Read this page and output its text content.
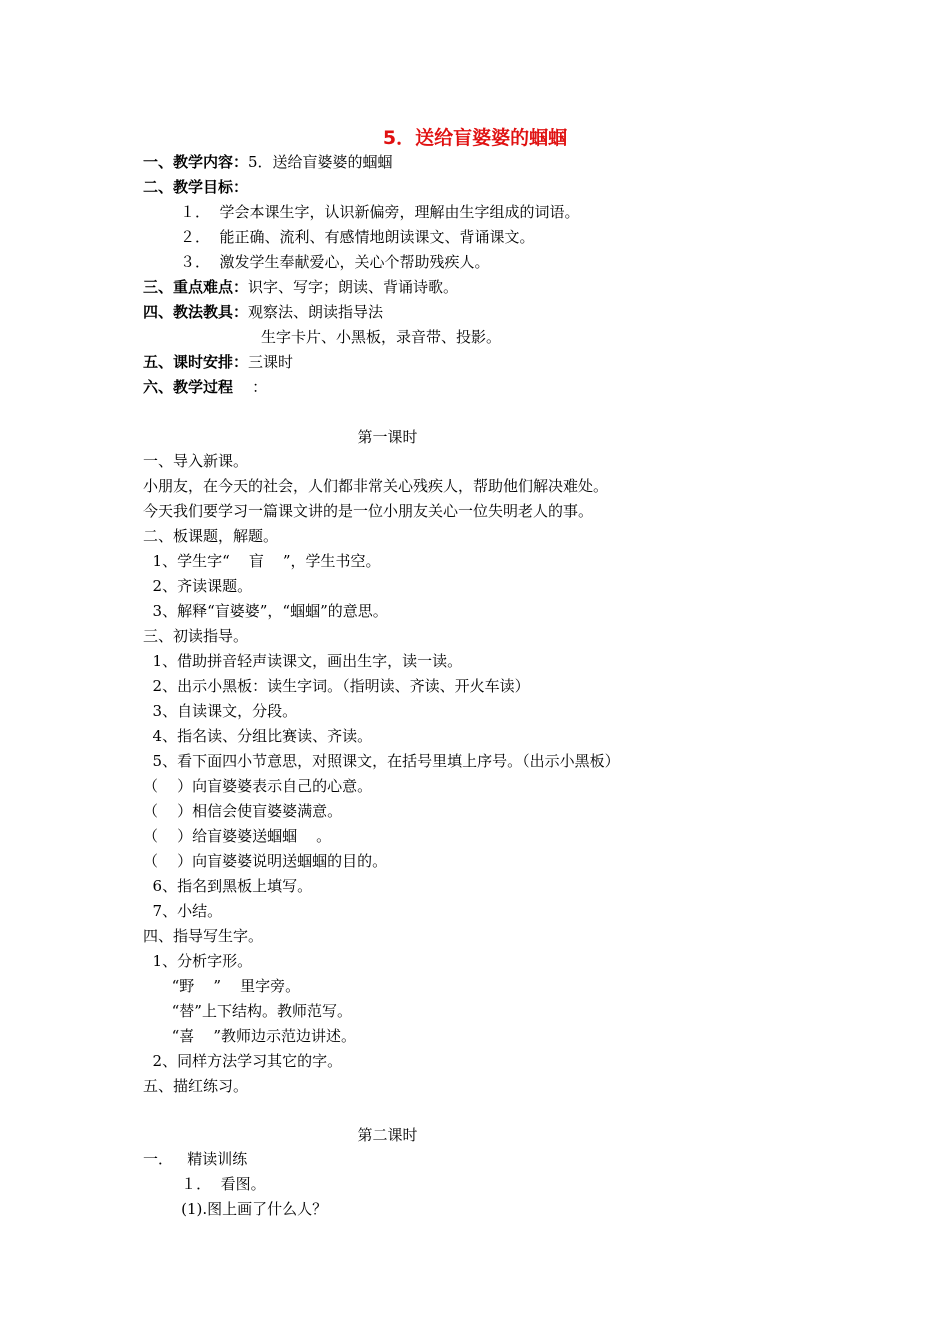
5．送给盲婆婆的蝈蝈
一、教学内容：5．送给盲婆婆的蝈蝈
二、教学目标：
１．  学会本课生字，认识新偏旁，理解由生字组成的词语。
２．  能正确、流利、有感情地朗读课文、背诵课文。
３．  激发学生奉献爱心，关心个帮助残疾人。
三、重点难点：识字、写字；朗读、背诵诗歌。
四、教法教具：观察法、朗读指导法
生字卡片、小黑板，录音带、投影。
五、课时安排：三课时
六、教学过程    ：
第一课时
一、导入新课。
小朋友，在今天的社会，人们都非常关心残疾人，帮助他们解决难处。
今天我们要学习一篇课文讲的是一位小朋友关心一位失明老人的事。
二、板课题，解题。
1、学生字“    盲    ”，学生书空。
2、齐读课题。
3、解释“盲婆婆”，“蝈蝈”的意思。
三、初读指导。
1、借助拼音轻声读课文，画出生字，读一读。
2、出示小黑板：读生字词。（指明读、齐读、开火车读）
3、自读课文，分段。
4、指名读、分组比赛读、齐读。
5、看下面四小节意思，对照课文，在括号里填上序号。（出示小黑板）
（    ）向盲婆婆表示自己的心意。
（    ）相信会使盲婆婆满意。
（    ）给盲婆婆送蝈蝈    。
（    ）向盲婆婆说明送蝈蝈的目的。
6、指名到黑板上填写。
7、小结。
四、指导写生字。
1、分析字形。
“野    ”    里字旁。
“替”上下结构。教师范写。
“喜    ”教师边示范边讲述。
2、同样方法学习其它的字。
五、描红练习。
第二课时
一．   精读训练
１．  看图。
(1).图上画了什么人？
